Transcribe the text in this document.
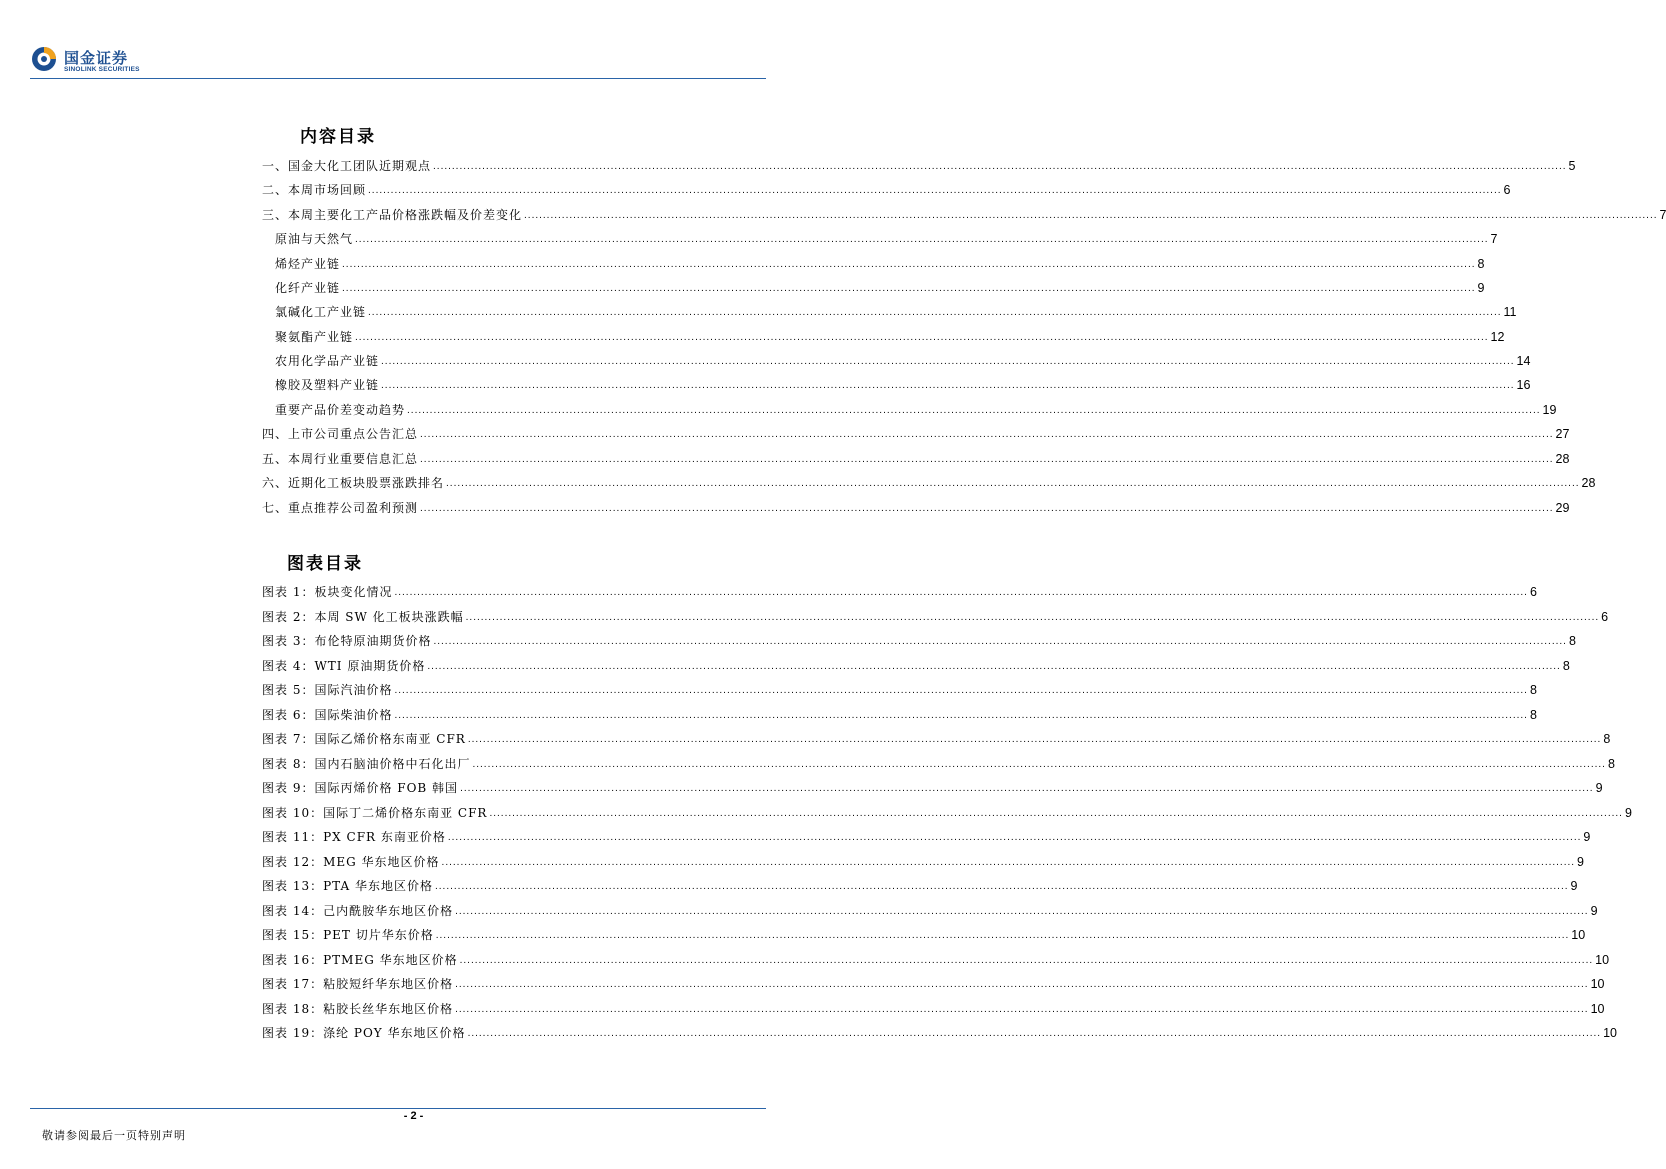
国金证券
SINOLINK SECURITIES
内容目录
一、国金大化工团队近期观点 ............................................................................................................................................................................................................................................................................................................ 5
二、本周市场回顾 ............................................................................................................................................................................................................................................................................................................ 6
三、本周主要化工产品价格涨跌幅及价差变化 ............................................................................................................................................................................................................................................................................................................ 7
原油与天然气 ............................................................................................................................................................................................................................................................................................................ 7
烯烃产业链 ............................................................................................................................................................................................................................................................................................................ 8
化纤产业链 ............................................................................................................................................................................................................................................................................................................ 9
氯碱化工产业链 ............................................................................................................................................................................................................................................................................................................ 11
聚氨酯产业链 ............................................................................................................................................................................................................................................................................................................ 12
农用化学品产业链 ............................................................................................................................................................................................................................................................................................................ 14
橡胶及塑料产业链 ............................................................................................................................................................................................................................................................................................................ 16
重要产品价差变动趋势 ............................................................................................................................................................................................................................................................................................................ 19
四、上市公司重点公告汇总 ............................................................................................................................................................................................................................................................................................................ 27
五、本周行业重要信息汇总 ............................................................................................................................................................................................................................................................................................................ 28
六、近期化工板块股票涨跌排名 ............................................................................................................................................................................................................................................................................................................ 28
七、重点推荐公司盈利预测 ............................................................................................................................................................................................................................................................................................................ 29
图表目录
图表 1：板块变化情况 ............................................................................................................................................................................................................................................................................................................ 6
图表 2：本周 SW 化工板块涨跌幅 ............................................................................................................................................................................................................................................................................................................ 6
图表 3：布伦特原油期货价格 ............................................................................................................................................................................................................................................................................................................ 8
图表 4：WTI 原油期货价格 ............................................................................................................................................................................................................................................................................................................ 8
图表 5：国际汽油价格 ............................................................................................................................................................................................................................................................................................................ 8
图表 6：国际柴油价格 ............................................................................................................................................................................................................................................................................................................ 8
图表 7：国际乙烯价格东南亚 CFR ............................................................................................................................................................................................................................................................................................................ 8
图表 8：国内石脑油价格中石化出厂 ............................................................................................................................................................................................................................................................................................................ 8
图表 9：国际丙烯价格 FOB 韩国 ............................................................................................................................................................................................................................................................................................................ 9
图表 10：国际丁二烯价格东南亚 CFR ............................................................................................................................................................................................................................................................................................................ 9
图表 11：PX CFR 东南亚价格 ............................................................................................................................................................................................................................................................................................................ 9
图表 12：MEG 华东地区价格 ............................................................................................................................................................................................................................................................................................................ 9
图表 13：PTA 华东地区价格 ............................................................................................................................................................................................................................................................................................................ 9
图表 14：己内酰胺华东地区价格 ............................................................................................................................................................................................................................................................................................................ 9
图表 15：PET 切片华东价格 ............................................................................................................................................................................................................................................................................................................ 10
图表 16：PTMEG 华东地区价格 ............................................................................................................................................................................................................................................................................................................ 10
图表 17：粘胶短纤华东地区价格 ............................................................................................................................................................................................................................................................................................................ 10
图表 18：粘胶长丝华东地区价格 ............................................................................................................................................................................................................................................................................................................ 10
图表 19：涤纶 POY 华东地区价格 ............................................................................................................................................................................................................................................................................................................ 10
- 2 -
敬请参阅最后一页特别声明
